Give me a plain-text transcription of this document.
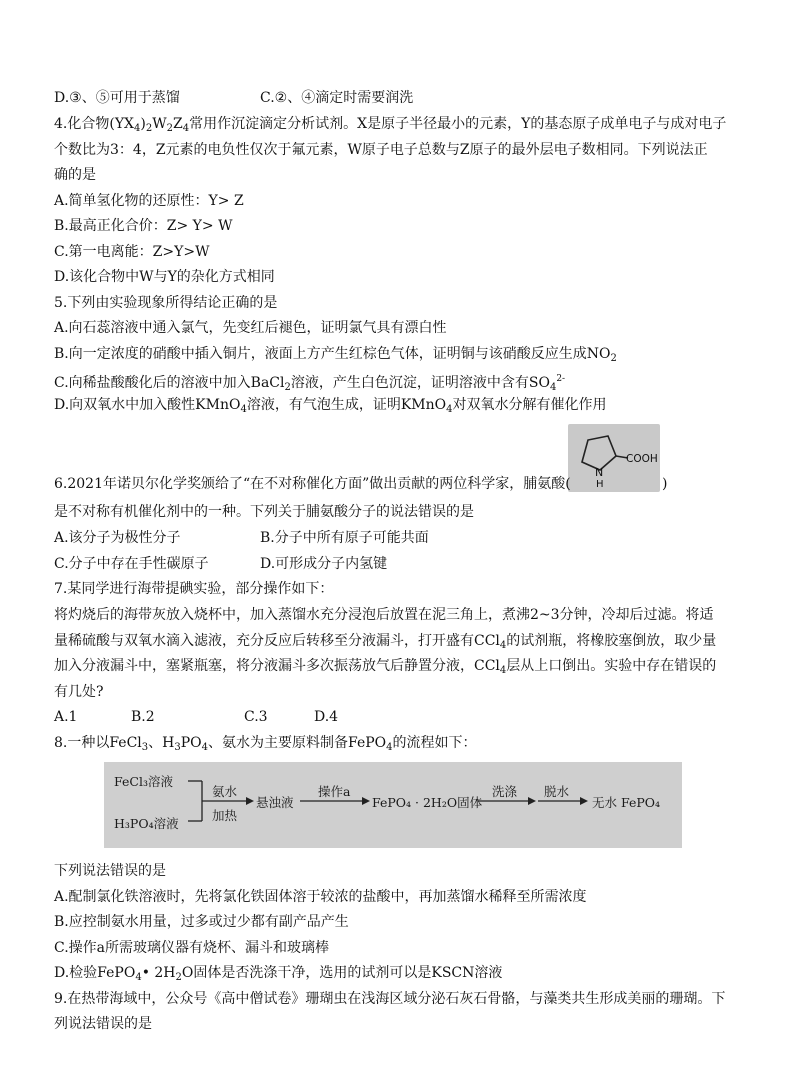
D.③、⑤可用于蒸馏	C.②、④滴定时需要润洗
4.化合物$(YX_4)_2W_2Z_4$常用作沉淀滴定分析试剂。X是原子半径最小的元素，Y的基态原子成单电子与成对电子
个数比为3：4，Z元素的电负性仅次于氟元素，W原子电子总数与Z原子的最外层电子数相同。下列说法正
确的是
A.简单氢化物的还原性：Y> Z
B.最高正化合价：Z> Y> W
C.第一电离能：Z>Y>W
D.该化合物中W与Y的杂化方式相同
5.下列由实验现象所得结论正确的是
A.向石蕊溶液中通入氯气，先变红后褪色，证明氯气具有漂白性
B.向一定浓度的硝酸中插入铜片，液面上方产生红棕色气体，证明铜与该硝酸反应生成$NO_2$
C.向稀盐酸酸化后的溶液中加入BaCl$_2$溶液，产生白色沉淀，证明溶液中含有$SO_4^{2-}$
D.向双氧水中加入酸性KMnO$_4$溶液，有气泡生成，证明KMnO$_4$对双氧水分解有催化作用
N
H
COOH
6.2021年诺贝尔化学奖颁给了“在不对称催化方面”做出贡献的两位科学家，脯氨酸(	)
是不对称有机催化剂中的一种。下列关于脯氨酸分子的说法错误的是
A.该分子为极性分子	B.分子中所有原子可能共面
C.分子中存在手性碳原子	D.可形成分子内氢键
7.某同学进行海带提碘实验，部分操作如下：
将灼烧后的海带灰放入烧杯中，加入蒸馏水充分浸泡后放置在泥三角上，煮沸2~3分钟，冷却后过滤。将适
量稀硫酸与双氧水滴入滤液，充分反应后转移至分液漏斗，打开盛有CCl$_4$的试剂瓶，将橡胶塞倒放，取少量
加入分液漏斗中，塞紧瓶塞，将分液漏斗多次振荡放气后静置分液，CCl$_4$层从上口倒出。实验中存在错误的
有几处?
A.1	B.2	C.3	D.4
8.一种以FeCl$_3$、$H_3PO_4$、氨水为主要原料制备FePO$_4$的流程如下：
FeCl₃溶液
H₃PO₄溶液
氨水
加热
悬浊液
操作a
FePO₄ · 2H₂O固体
洗涤 脱水
无水 FePO₄
下列说法错误的是
A.配制氯化铁溶液时，先将氯化铁固体溶于较浓的盐酸中，再加蒸馏水稀释至所需浓度
B.应控制氨水用量，过多或过少都有副产品产生
C.操作a所需玻璃仪器有烧杯、漏斗和玻璃棒
D.检验FePO$_4$• $2H_2O$固体是否洗涤干净，选用的试剂可以是KSCN溶液
9.在热带海域中，公众号《高中僧试卷》珊瑚虫在浅海区域分泌石灰石骨骼，与藻类共生形成美丽的珊瑚。下
列说法错误的是
